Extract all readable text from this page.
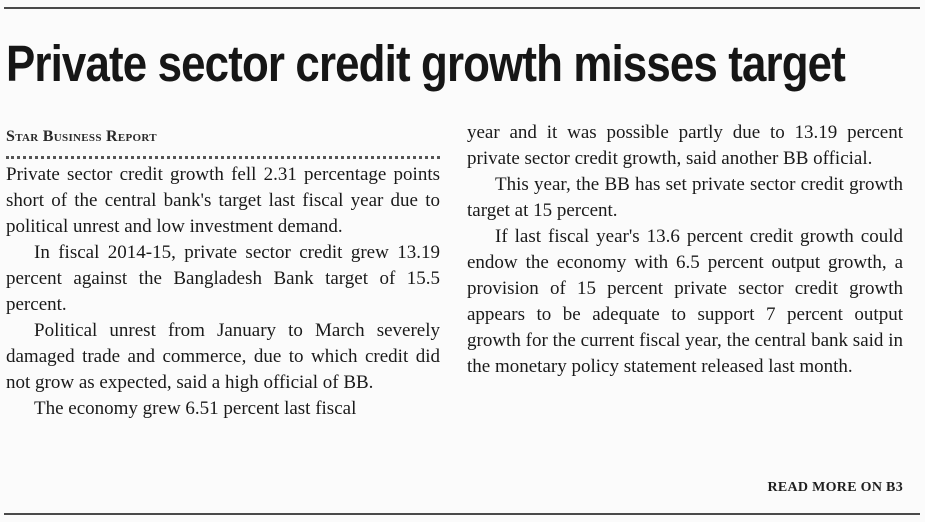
Private sector credit growth misses target
Star Business Report

Private sector credit growth fell 2.31 percentage points short of the central bank's target last fiscal year due to political unrest and low investment demand.

In fiscal 2014-15, private sector credit grew 13.19 percent against the Bangladesh Bank target of 15.5 percent.

Political unrest from January to March severely damaged trade and commerce, due to which credit did not grow as expected, said a high official of BB.

The economy grew 6.51 percent last fiscal

year and it was possible partly due to 13.19 percent private sector credit growth, said another BB official.

This year, the BB has set private sector credit growth target at 15 percent.

If last fiscal year's 13.6 percent credit growth could endow the economy with 6.5 percent output growth, a provision of 15 percent private sector credit growth appears to be adequate to support 7 percent output growth for the current fiscal year, the central bank said in the monetary policy statement released last month.

READ MORE ON B3
